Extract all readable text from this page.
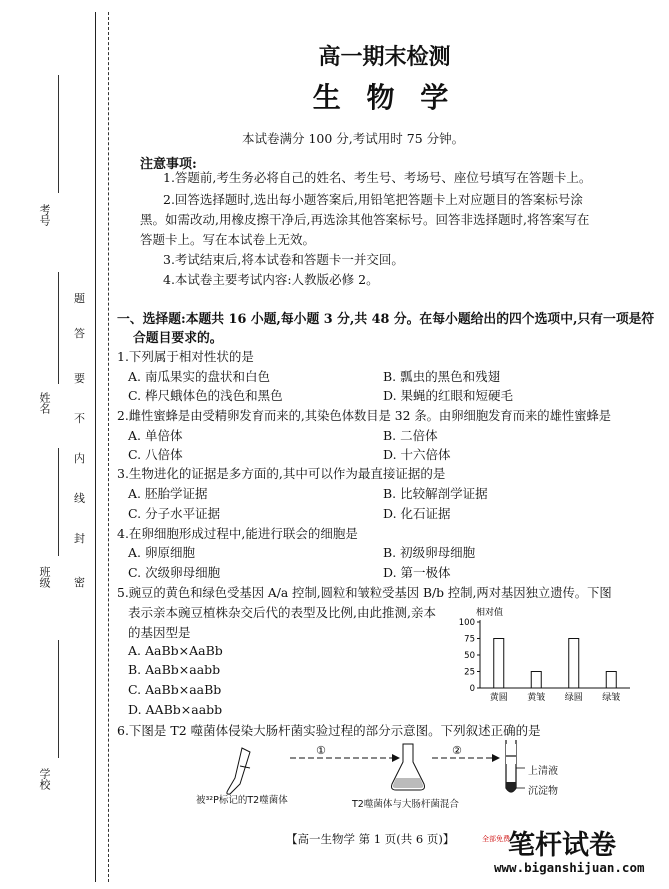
考号
姓名
班级
学校
题
答
要
不
内
线
封
密
高一期末检测
生 物 学
本试卷满分 100 分,考试用时 75 分钟。
注意事项:
1.答题前,考生务必将自己的姓名、考生号、考场号、座位号填写在答题卡上。
2.回答选择题时,选出每小题答案后,用铅笔把答题卡上对应题目的答案标号涂
黑。如需改动,用橡皮擦干净后,再选涂其他答案标号。回答非选择题时,将答案写在
答题卡上。写在本试卷上无效。
3.考试结束后,将本试卷和答题卡一并交回。
4.本试卷主要考试内容:人教版必修 2。
一、选择题:本题共 16 小题,每小题 3 分,共 48 分。在每小题给出的四个选项中,只有一项是符
合题目要求的。
1.下列属于相对性状的是
A. 南瓜果实的盘状和白色	B. 瓢虫的黑色和残翅
C. 桦尺蛾体色的浅色和黑色	D. 果蝇的红眼和短硬毛
2.雌性蜜蜂是由受精卵发育而来的,其染色体数目是 32 条。由卵细胞发育而来的雄性蜜蜂是
A. 单倍体	B. 二倍体
C. 八倍体	D. 十六倍体
3.生物进化的证据是多方面的,其中可以作为最直接证据的是
A. 胚胎学证据	B. 比较解剖学证据
C. 分子水平证据	D. 化石证据
4.在卵细胞形成过程中,能进行联会的细胞是
A. 卵原细胞	B. 初级卵母细胞
C. 次级卵母细胞	D. 第一极体
5.豌豆的黄色和绿色受基因 A/a 控制,圆粒和皱粒受基因 B/b 控制,两对基因独立遗传。下图
表示亲本豌豆植株杂交后代的表型及比例,由此推测,亲本
的基因型是
A. AaBb×AaBb
B. AaBb×aabb
C. AaBb×aaBb
D. AABb×aabb
相对值
0
25
50
75
100
黄圆 黄皱 绿圆 绿皱
6.下图是 T2 噬菌体侵染大肠杆菌实验过程的部分示意图。下列叙述正确的是
①	②
上清液
沉淀物
被³²P标记的T2噬菌体	T2噬菌体与大肠杆菌混合
【高一生物学 第 1 页(共 6 页)】 笔杆试卷
全部免费
www.biganshijuan.com
